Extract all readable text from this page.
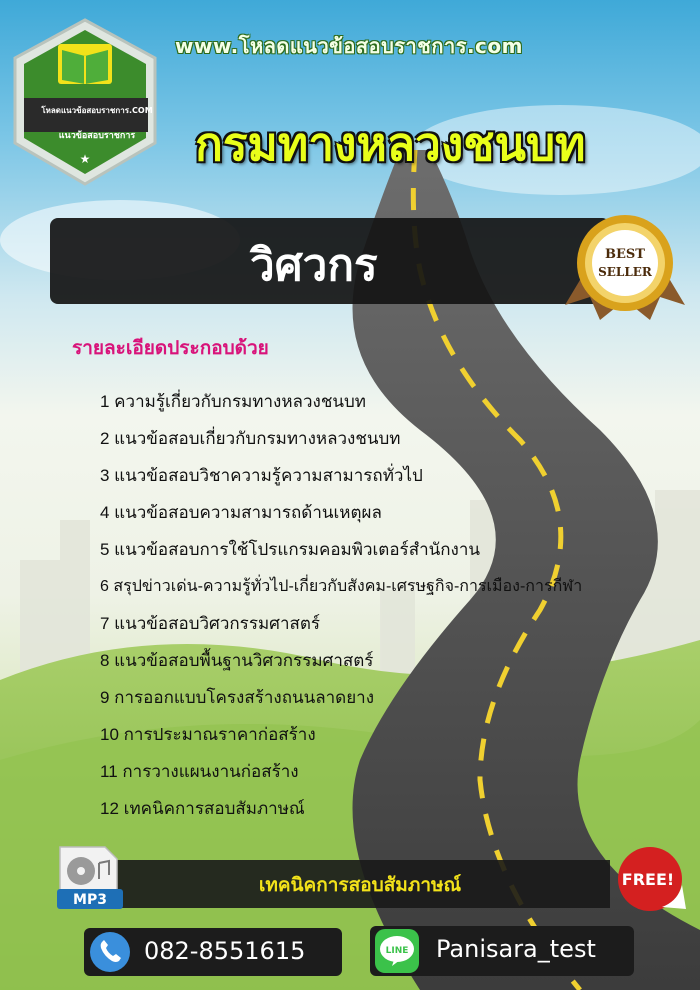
www.โหลดแนวข้อสอบราชการ.com
★
โหลดแนวข้อสอบราชการ.COM
แนวข้อสอบราชการ	กรมทางหลวงชนบท
วิศวกร	BEST
SELLER
รายละเอียดประกอบด้วย
1 ความรู้เกี่ยวกับกรมทางหลวงชนบท
2 แนวข้อสอบเกี่ยวกับกรมทางหลวงชนบท
3 แนวข้อสอบวิชาความรู้ความสามารถทั่วไป
4 แนวข้อสอบความสามารถด้านเหตุผล
5 แนวข้อสอบการใช้โปรแกรมคอมพิวเตอร์สำนักงาน
6 สรุปข่าวเด่น-ความรู้ทั่วไป-เกี่ยวกับสังคม-เศรษฐกิจ-การเมือง-การกีฬา
7 แนวข้อสอบวิศวกรรมศาสตร์
8 แนวข้อสอบพื้นฐานวิศวกรรมศาสตร์
9 การออกแบบโครงสร้างถนนลาดยาง
10 การประมาณราคาก่อสร้าง
11 การวางแผนงานก่อสร้าง
12 เทคนิคการสอบสัมภาษณ์
เทคนิคการสอบสัมภาษณ์
MP3
FREE!
082-8551615	LINE Panisara_test
